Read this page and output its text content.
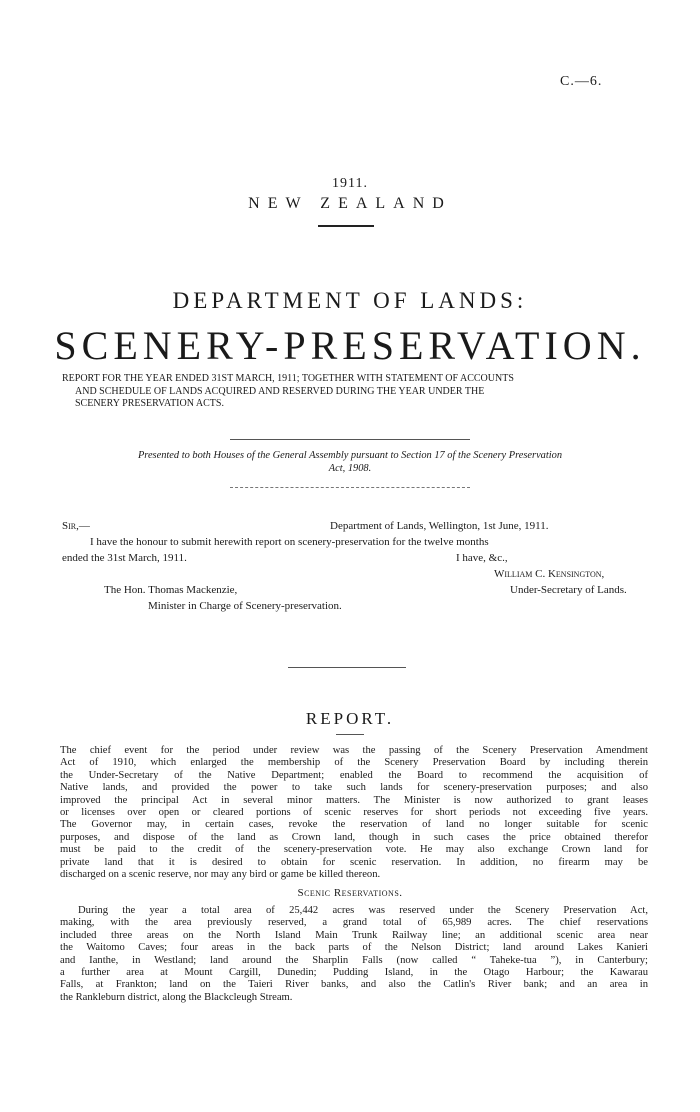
C.—6.
1911.
NEW ZEALAND
DEPARTMENT OF LANDS:
SCENERY-PRESERVATION.
REPORT FOR THE YEAR ENDED 31ST MARCH, 1911; TOGETHER WITH STATEMENT OF ACCOUNTS
AND SCHEDULE OF LANDS ACQUIRED AND RESERVED DURING THE YEAR UNDER THE
SCENERY PRESERVATION ACTS.
Presented to both Houses of the General Assembly pursuant to Section 17 of the Scenery Preservation
Act, 1908.
Sir,—	Department of Lands, Wellington, 1st June, 1911.
I have the honour to submit herewith report on scenery-preservation for the twelve months
ended the 31st March, 1911.	I have, &c.,
William C. Kensington,
The Hon. Thomas Mackenzie,	Under-Secretary of Lands.
Minister in Charge of Scenery-preservation.
REPORT.
The chief event for the period under review was the passing of the Scenery Preservation Amendment
Act of 1910, which enlarged the membership of the Scenery Preservation Board by including therein
the Under-Secretary of the Native Department; enabled the Board to recommend the acquisition of
Native lands, and provided the power to take such lands for scenery-preservation purposes; and also
improved the principal Act in several minor matters. The Minister is now authorized to grant leases
or licenses over open or cleared portions of scenic reserves for short periods not exceeding five years.
The Governor may, in certain cases, revoke the reservation of land no longer suitable for scenic
purposes, and dispose of the land as Crown land, though in such cases the price obtained therefor
must be paid to the credit of the scenery-preservation vote. He may also exchange Crown land for
private land that it is desired to obtain for scenic reservation. In addition, no firearm may be
discharged on a scenic reserve, nor may any bird or game be killed thereon.
Scenic Reservations.
During the year a total area of 25,442 acres was reserved under the Scenery Preservation Act,
making, with the area previously reserved, a grand total of 65,989 acres. The chief reservations
included three areas on the North Island Main Trunk Railway line; an additional scenic area near
the Waitomo Caves; four areas in the back parts of the Nelson District; land around Lakes Kanieri
and Ianthe, in Westland; land around the Sharplin Falls (now called “ Taheke-tua ”), in Canterbury;
a further area at Mount Cargill, Dunedin; Pudding Island, in the Otago Harbour; the Kawarau
Falls, at Frankton; land on the Taieri River banks, and also the Catlin's River bank; and an area in
the Rankleburn district, along the Blackcleugh Stream.
